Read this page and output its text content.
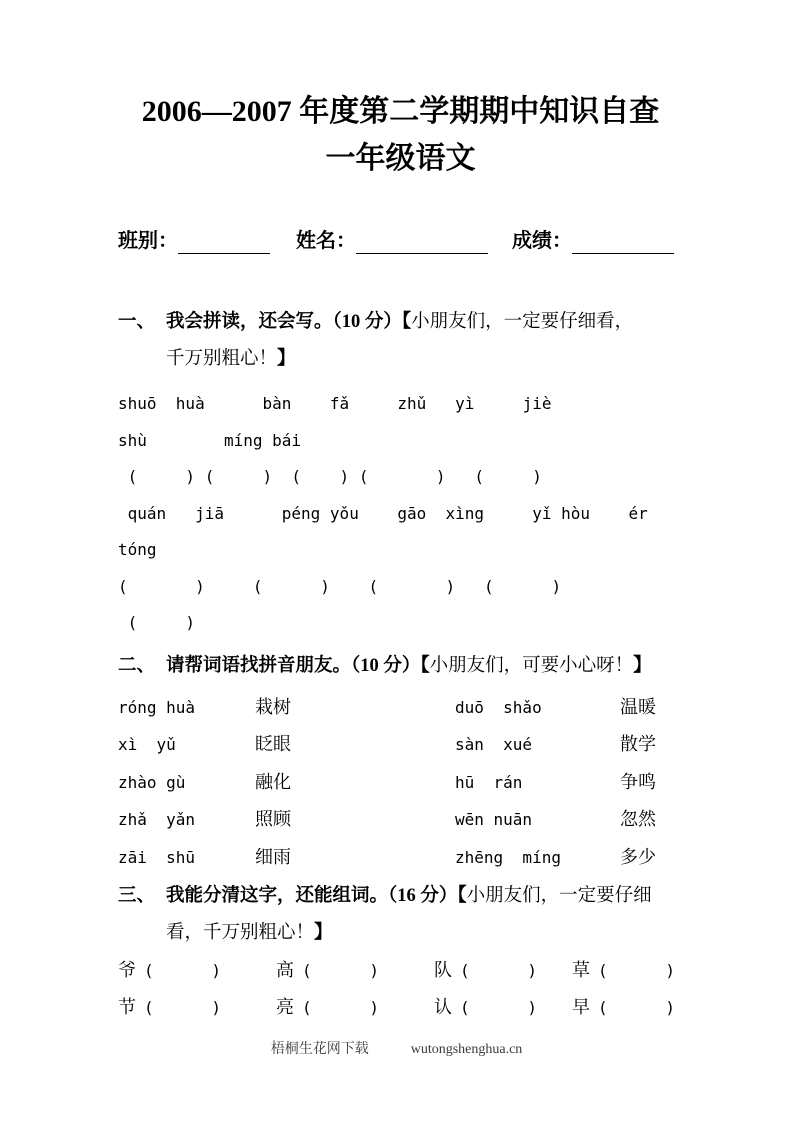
2006—2007 年度第二学期期中知识自查
一年级语文
班别：	姓名：	成绩：
一、 我会拼读，还会写。（10 分）【小朋友们，一定要仔细看，
千万别粗心！】
shuō  huà      bàn    fǎ     zhǔ   yì     jiè
shù        míng bái
(     ) (     )  (    ) (       )   (     )
quán   jiā      péng yǒu    gāo  xìng     yǐ hòu    ér
tóng
(       )     (      )    (       )   (      )
(     )
二、 请帮词语找拼音朋友。（10 分）【小朋友们，可要小心呀！】
róng huà	栽树	duō  shǎo	温暖
xì  yǔ	眨眼	sàn  xué	散学
zhào gù	融化	hū  rán	争鸣
zhǎ  yǎn	照顾	wēn nuān	忽然
zāi  shū	细雨	zhēng  míng	多少
三、 我能分清这字，还能组词。（16 分）【小朋友们，一定要仔细
看，千万别粗心！】
爷 (      )	高 (      )	队 (      )	草 (      )
节 (      )	亮 (      )	认 (      )	早 (      )
梧桐生花网下载	wutongshenghua.cn
